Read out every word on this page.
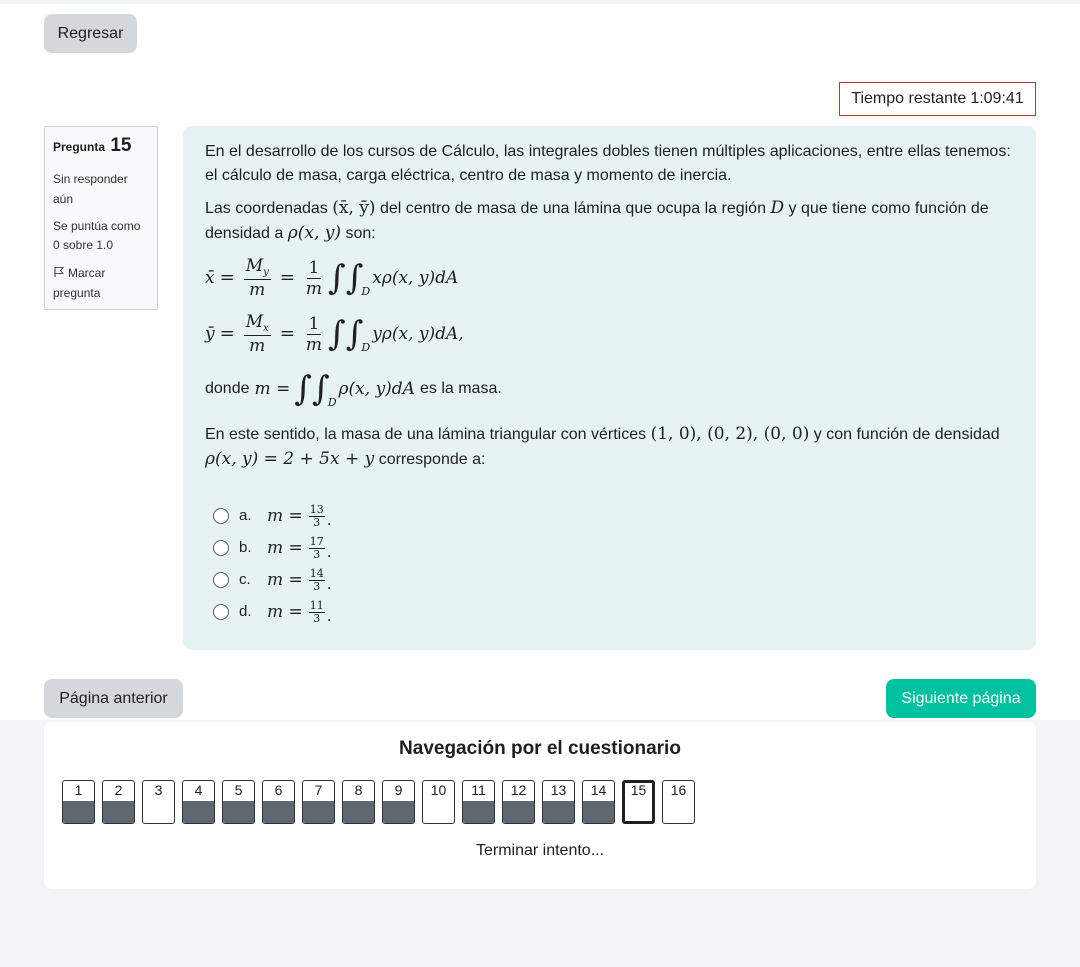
Regresar
Tiempo restante 1:09:41
Pregunta 15
Sin responder aún
Se puntúa como 0 sobre 1.0
Marcar pregunta

En el desarrollo de los cursos de Cálculo, las integrales dobles tienen múltiples aplicaciones, entre ellas tenemos: el cálculo de masa, carga eléctrica, centro de masa y momento de inercia.

Las coordenadas (x̄, ȳ) del centro de masa de una lámina que ocupa la región D y que tiene como función de densidad a ρ(x, y) son:

x̄ = $\frac{M_y}{m} = \frac{1}{m}$ ∫∫
D
xρ(x, y)dA
ȳ = $\frac{M_x}{m} = \frac{1}{m}$ ∫∫
D
yρ(x, y)dA,
donde m = ∫∫
D
ρ(x, y)dA es la masa.

En este sentido, la masa de una lámina triangular con vértices (1, 0), (0, 2), (0, 0) y con función de densidad ρ(x, y) = 2 + 5x + y corresponde a:

a. $m = \frac{13}{3}$ .
b. $m = \frac{17}{3}$ .
c. $m = \frac{14}{3}$ .
d. $m = \frac{11}{3}$ .
Página anterior	Siguiente página
Navegación por el cuestionario
1	2	3	4	5	6	7	8	9	10	11	12	13	14	15	16
Terminar intento...
